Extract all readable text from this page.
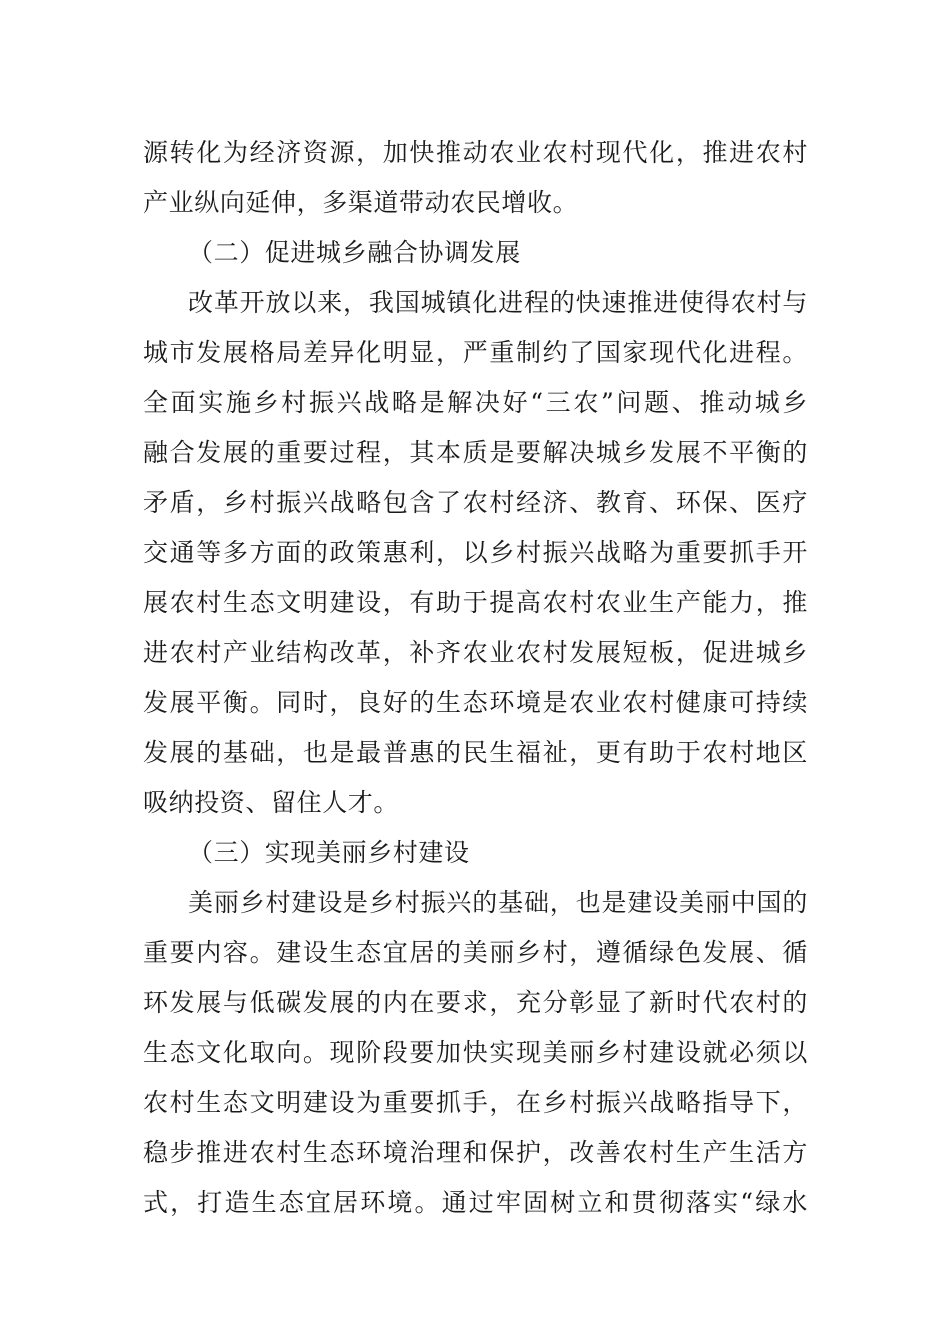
源转化为经济资源，加快推动农业农村现代化，推进农村
产业纵向延伸，多渠道带动农民增收。
（二）促进城乡融合协调发展
改革开放以来，我国城镇化进程的快速推进使得农村与
城市发展格局差异化明显，严重制约了国家现代化进程。
全面实施乡村振兴战略是解决好“三农”问题、推动城乡
融合发展的重要过程，其本质是要解决城乡发展不平衡的
矛盾，乡村振兴战略包含了农村经济、教育、环保、医疗
交通等多方面的政策惠利，以乡村振兴战略为重要抓手开
展农村生态文明建设，有助于提高农村农业生产能力，推
进农村产业结构改革，补齐农业农村发展短板，促进城乡
发展平衡。同时，良好的生态环境是农业农村健康可持续
发展的基础，也是最普惠的民生福祉，更有助于农村地区
吸纳投资、留住人才。
（三）实现美丽乡村建设
美丽乡村建设是乡村振兴的基础，也是建设美丽中国的
重要内容。建设生态宜居的美丽乡村，遵循绿色发展、循
环发展与低碳发展的内在要求，充分彰显了新时代农村的
生态文化取向。现阶段要加快实现美丽乡村建设就必须以
农村生态文明建设为重要抓手，在乡村振兴战略指导下，
稳步推进农村生态环境治理和保护，改善农村生产生活方
式，打造生态宜居环境。通过牢固树立和贯彻落实“绿水
